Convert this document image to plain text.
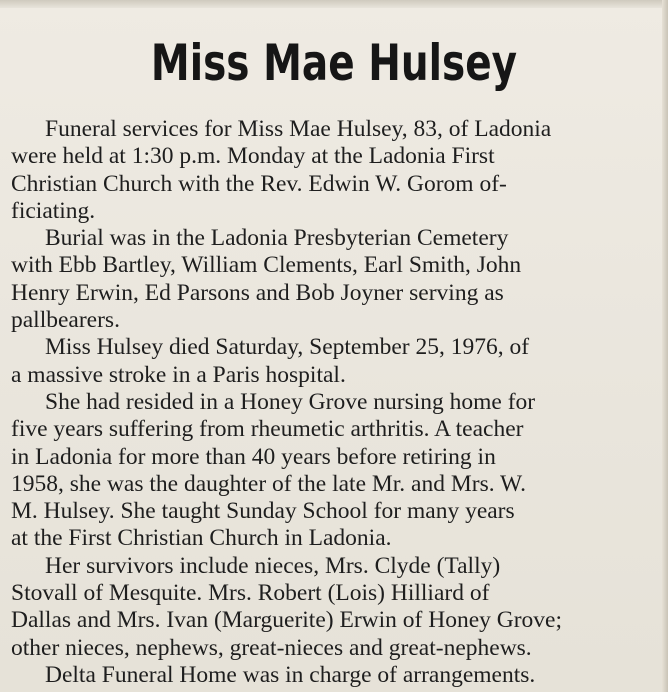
Miss Mae Hulsey
Funeral services for Miss Mae Hulsey, 83, of Ladonia
were held at 1:30 p.m. Monday at the Ladonia First
Christian Church with the Rev. Edwin W. Gorom of-
ficiating.
Burial was in the Ladonia Presbyterian Cemetery
with Ebb Bartley, William Clements, Earl Smith, John
Henry Erwin, Ed Parsons and Bob Joyner serving as
pallbearers.
Miss Hulsey died Saturday, September 25, 1976, of
a massive stroke in a Paris hospital.
She had resided in a Honey Grove nursing home for
five years suffering from rheumetic arthritis. A teacher
in Ladonia for more than 40 years before retiring in
1958, she was the daughter of the late Mr. and Mrs. W.
M. Hulsey. She taught Sunday School for many years
at the First Christian Church in Ladonia.
Her survivors include nieces, Mrs. Clyde (Tally)
Stovall of Mesquite. Mrs. Robert (Lois) Hilliard of
Dallas and Mrs. Ivan (Marguerite) Erwin of Honey Grove;
other nieces, nephews, great-nieces and great-nephews.
Delta Funeral Home was in charge of arrangements.
